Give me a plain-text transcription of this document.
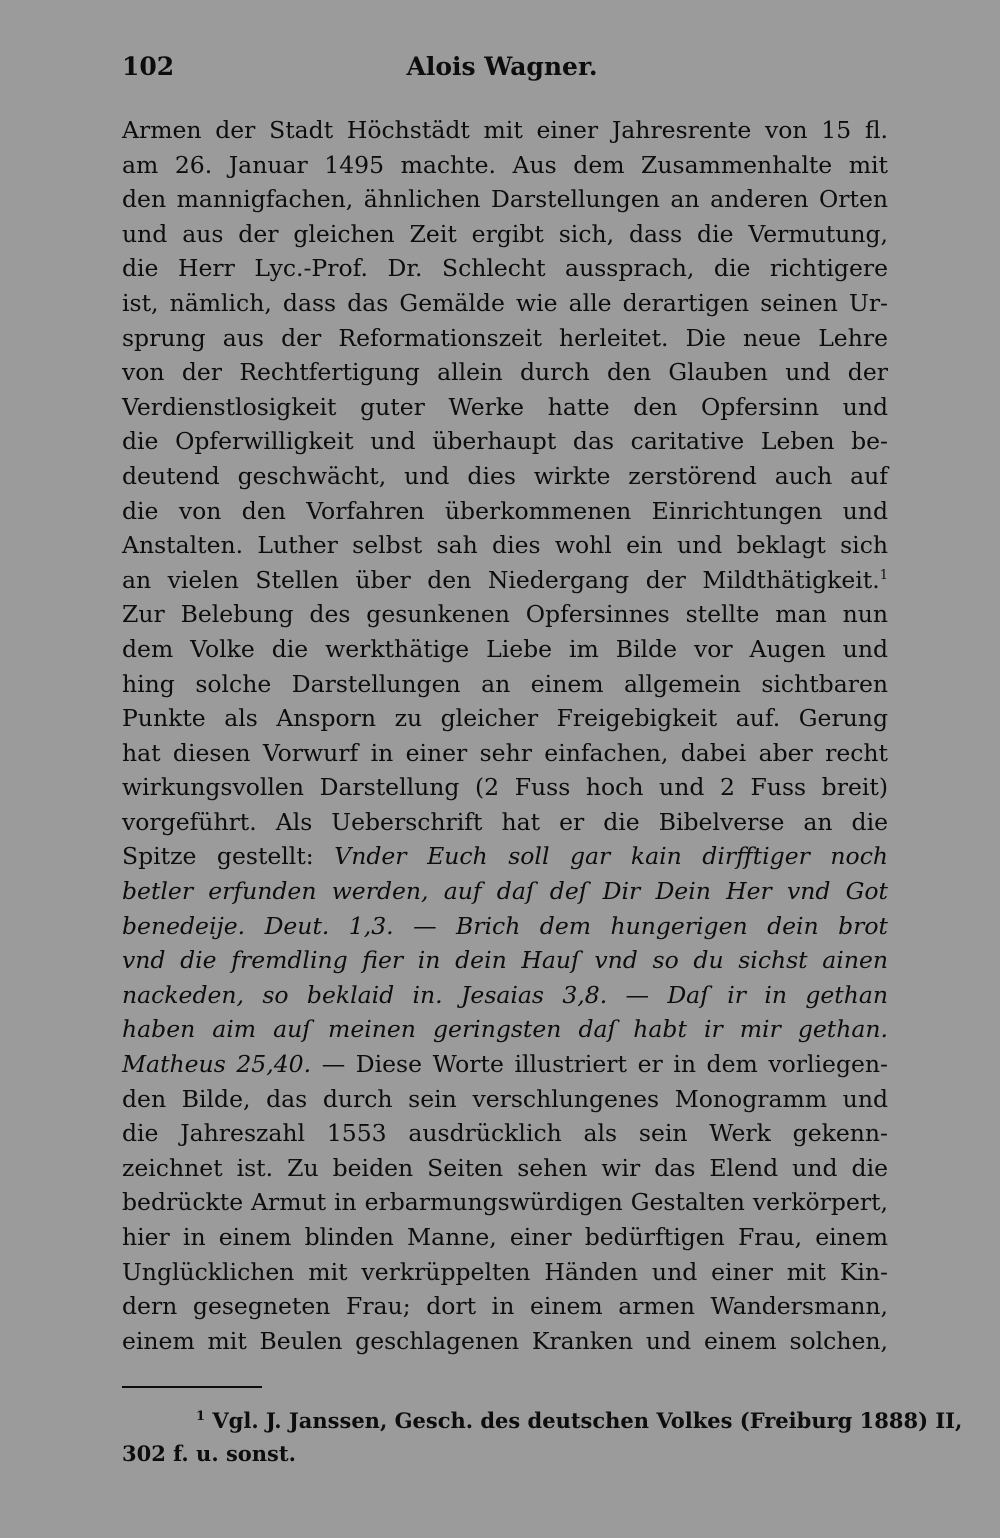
102	Alois Wagner.
Armen der Stadt Höchstädt mit einer Jahresrente von 15 fl.
am 26. Januar 1495 machte. Aus dem Zusammenhalte mit
den mannigfachen, ähnlichen Darstellungen an anderen Orten
und aus der gleichen Zeit ergibt sich, dass die Vermutung,
die Herr Lyc.-Prof. Dr. Schlecht aussprach, die richtigere
ist, nämlich, dass das Gemälde wie alle derartigen seinen Ur-
sprung aus der Reformationszeit herleitet. Die neue Lehre
von der Rechtfertigung allein durch den Glauben und der
Verdienstlosigkeit guter Werke hatte den Opfersinn und
die Opferwilligkeit und überhaupt das caritative Leben be-
deutend geschwächt, und dies wirkte zerstörend auch auf
die von den Vorfahren überkommenen Einrichtungen und
Anstalten. Luther selbst sah dies wohl ein und beklagt sich
an vielen Stellen über den Niedergang der Mildthätigkeit.$^1$
Zur Belebung des gesunkenen Opfersinnes stellte man nun
dem Volke die werkthätige Liebe im Bilde vor Augen und
hing solche Darstellungen an einem allgemein sichtbaren
Punkte als Ansporn zu gleicher Freigebigkeit auf. Gerung
hat diesen Vorwurf in einer sehr einfachen, dabei aber recht
wirkungsvollen Darstellung (2 Fuss hoch und 2 Fuss breit)
vorgeführt. Als Ueberschrift hat er die Bibelverse an die
Spitze gestellt: Vnder Euch soll gar kain dirfftiger noch
betler erfunden werden, auf daſ deſ Dir Dein Her vnd Got
benedeije. Deut. 1,3. — Brich dem hungerigen dein brot
vnd die fremdling fier in dein Hauſ vnd so du sichst ainen
nackeden, so beklaid in. Jesaias 3,8. — Daſ ir in gethan
haben aim auſ meinen geringsten daſ habt ir mir gethan.
Matheus 25,40. — Diese Worte illustriert er in dem vorliegen-
den Bilde, das durch sein verschlungenes Monogramm und
die Jahreszahl 1553 ausdrücklich als sein Werk gekenn-
zeichnet ist. Zu beiden Seiten sehen wir das Elend und die
bedrückte Armut in erbarmungswürdigen Gestalten verkörpert,
hier in einem blinden Manne, einer bedürftigen Frau, einem
Unglücklichen mit verkrüppelten Händen und einer mit Kin-
dern gesegneten Frau; dort in einem armen Wandersmann,
einem mit Beulen geschlagenen Kranken und einem solchen,
$^1$ Vgl. J. Janssen, Gesch. des deutschen Volkes (Freiburg 1888) II,
302 f. u. sonst.
